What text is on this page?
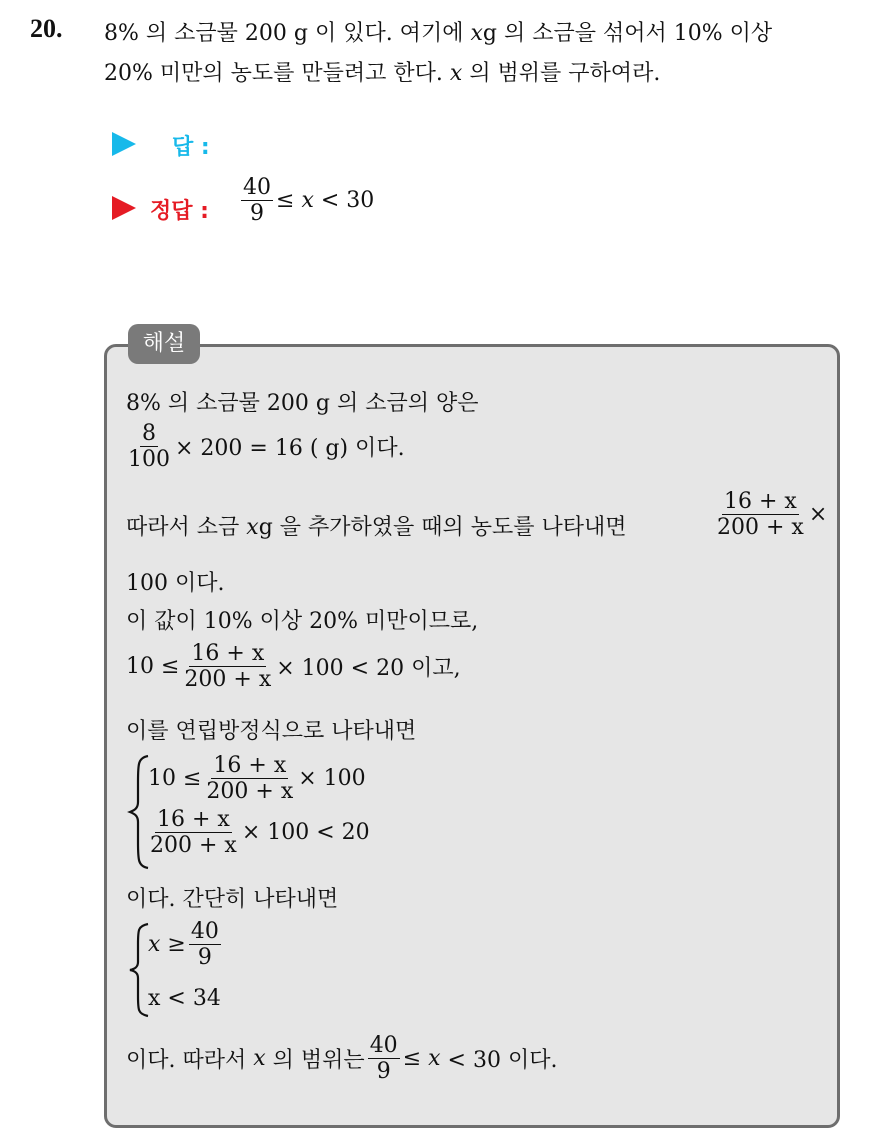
20. 8% 의 소금물 200 g 이 있다. 여기에 xg 의 소금을 섞어서 10% 이상
20% 미만의 농도를 만들려고 한다. x 의 범위를 구하여라.
답 :
정답 : $\frac{40}{9}$ ≤
x
< 30
해설
8% 의 소금물 200 g 의 소금의 양은
$\frac{8}{100} \times 200 = 16$ ( g) 이다.
따라서 소금 xg 을 추가하였을 때의 농도를 나타내면	$\frac{16 + x}{200 + x}$ ×
100 이다.
이 값이 10% 이상 20% 미만이므로,
$10 \le \frac{16 + x}{200 + x} \times 100 < 20$ 이고,
이를 연립방정식으로 나타내면
$10 \le \frac{16 + x}{200 + x} \times 100$
$\frac{16 + x}{200 + x} \times 100 < 20$
이다. 간단히 나타내면
$x \ge \frac{40}{9}$
x < 34
이다. 따라서
x
의 범위는 $\frac{40}{9}$ ≤
x
< 30 이다.
